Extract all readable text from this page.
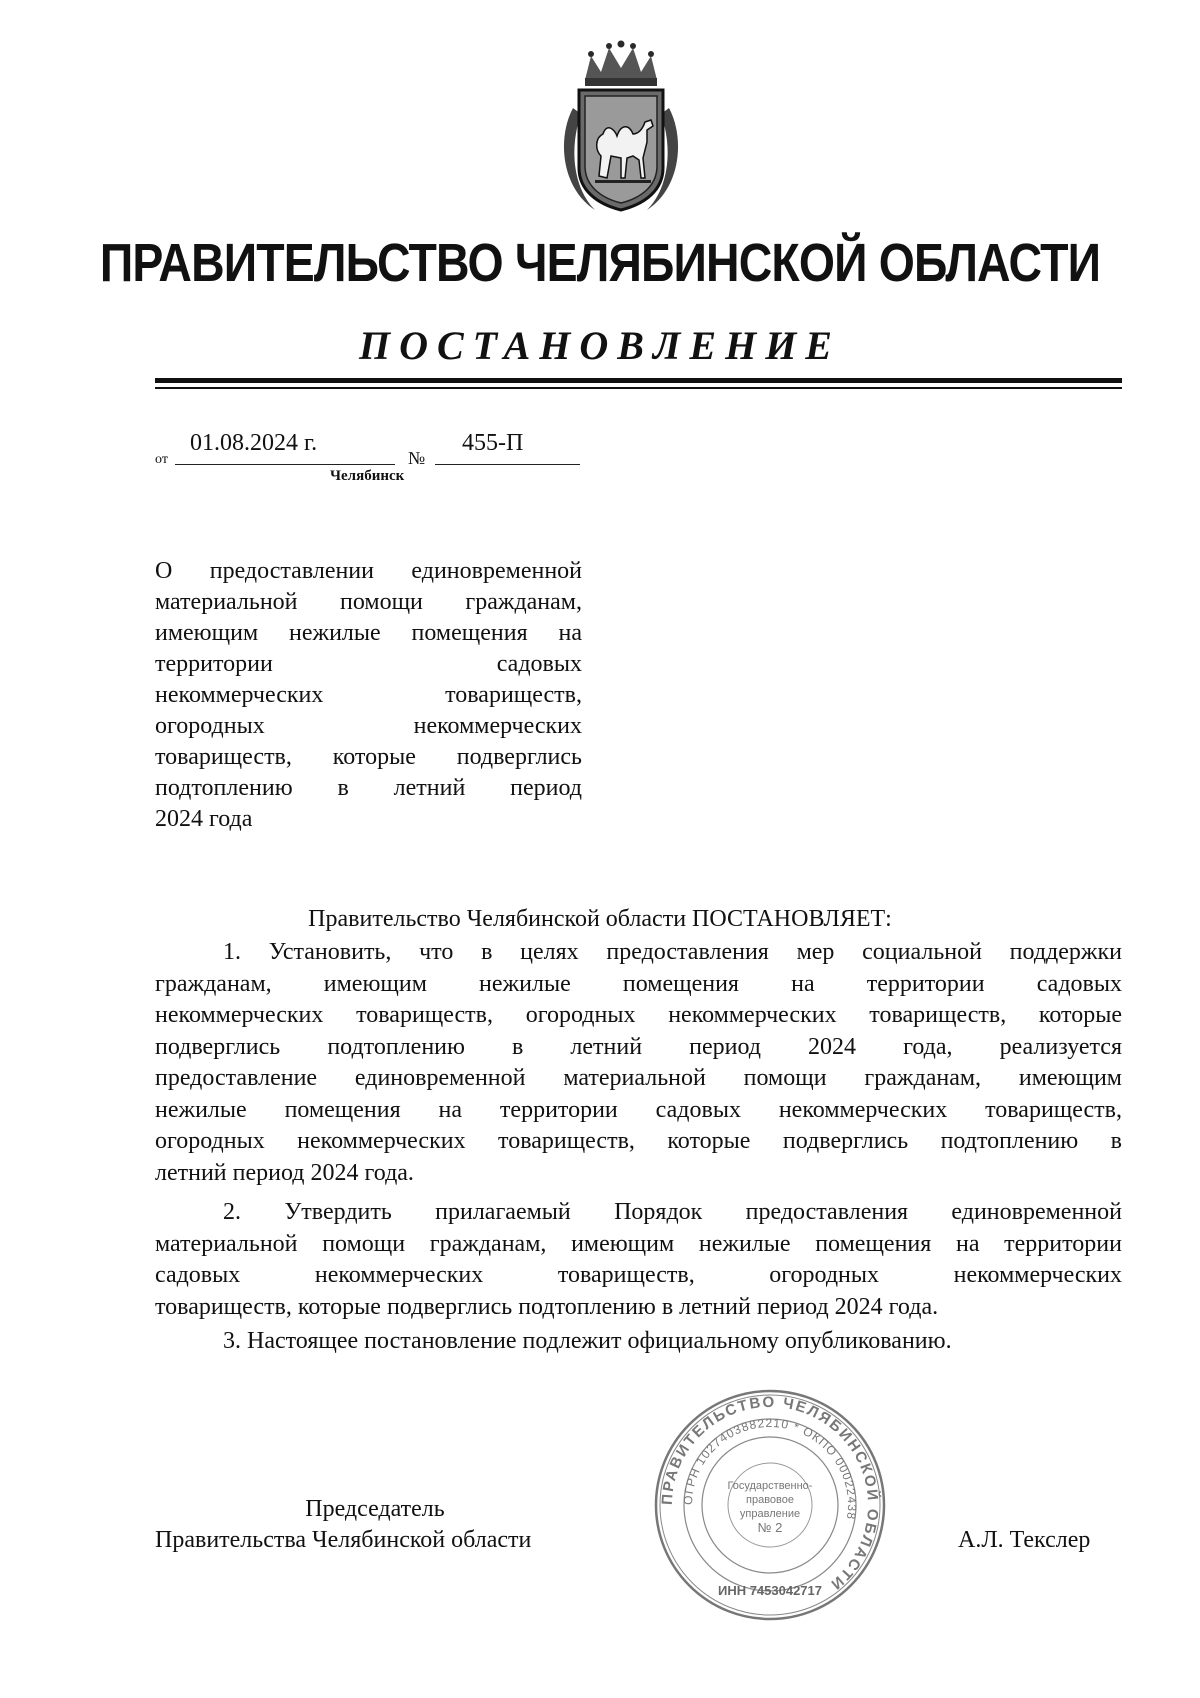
ПРАВИТЕЛЬСТВО ЧЕЛЯБИНСКОЙ ОБЛАСТИ
ПОСТАНОВЛЕНИЕ
от
01.08.2024 г.
№
455-П
Челябинск
О предоставлении единовременной
материальной помощи гражданам,
имеющим нежилые помещения на
территории садовых
некоммерческих товариществ,
огородных некоммерческих
товариществ, которые подверглись
подтоплению в летний период
2024 года
Правительство Челябинской области ПОСТАНОВЛЯЕТ:
1. Установить, что в целях предоставления мер социальной поддержки
гражданам, имеющим нежилые помещения на территории садовых
некоммерческих товариществ, огородных некоммерческих товариществ, которые
подверглись подтоплению в летний период 2024 года, реализуется
предоставление единовременной материальной помощи гражданам, имеющим
нежилые помещения на территории садовых некоммерческих товариществ,
огородных некоммерческих товариществ, которые подверглись подтоплению в
летний период 2024 года.
2. Утвердить прилагаемый Порядок предоставления единовременной
материальной помощи гражданам, имеющим нежилые помещения на территории
садовых некоммерческих товариществ, огородных некоммерческих
товариществ, которые подверглись подтоплению в летний период 2024 года.
3. Настоящее постановление подлежит официальному опубликованию.
ПРАВИТЕЛЬСТВО ЧЕЛЯБИНСКОЙ ОБЛАСТИ
ОГРН 1027403882210 * ОКПО 00022438
ИНН 7453042717
Государственно-
правовое
управление
№ 2
Председатель
Правительства Челябинской области	А.Л. Текслер
